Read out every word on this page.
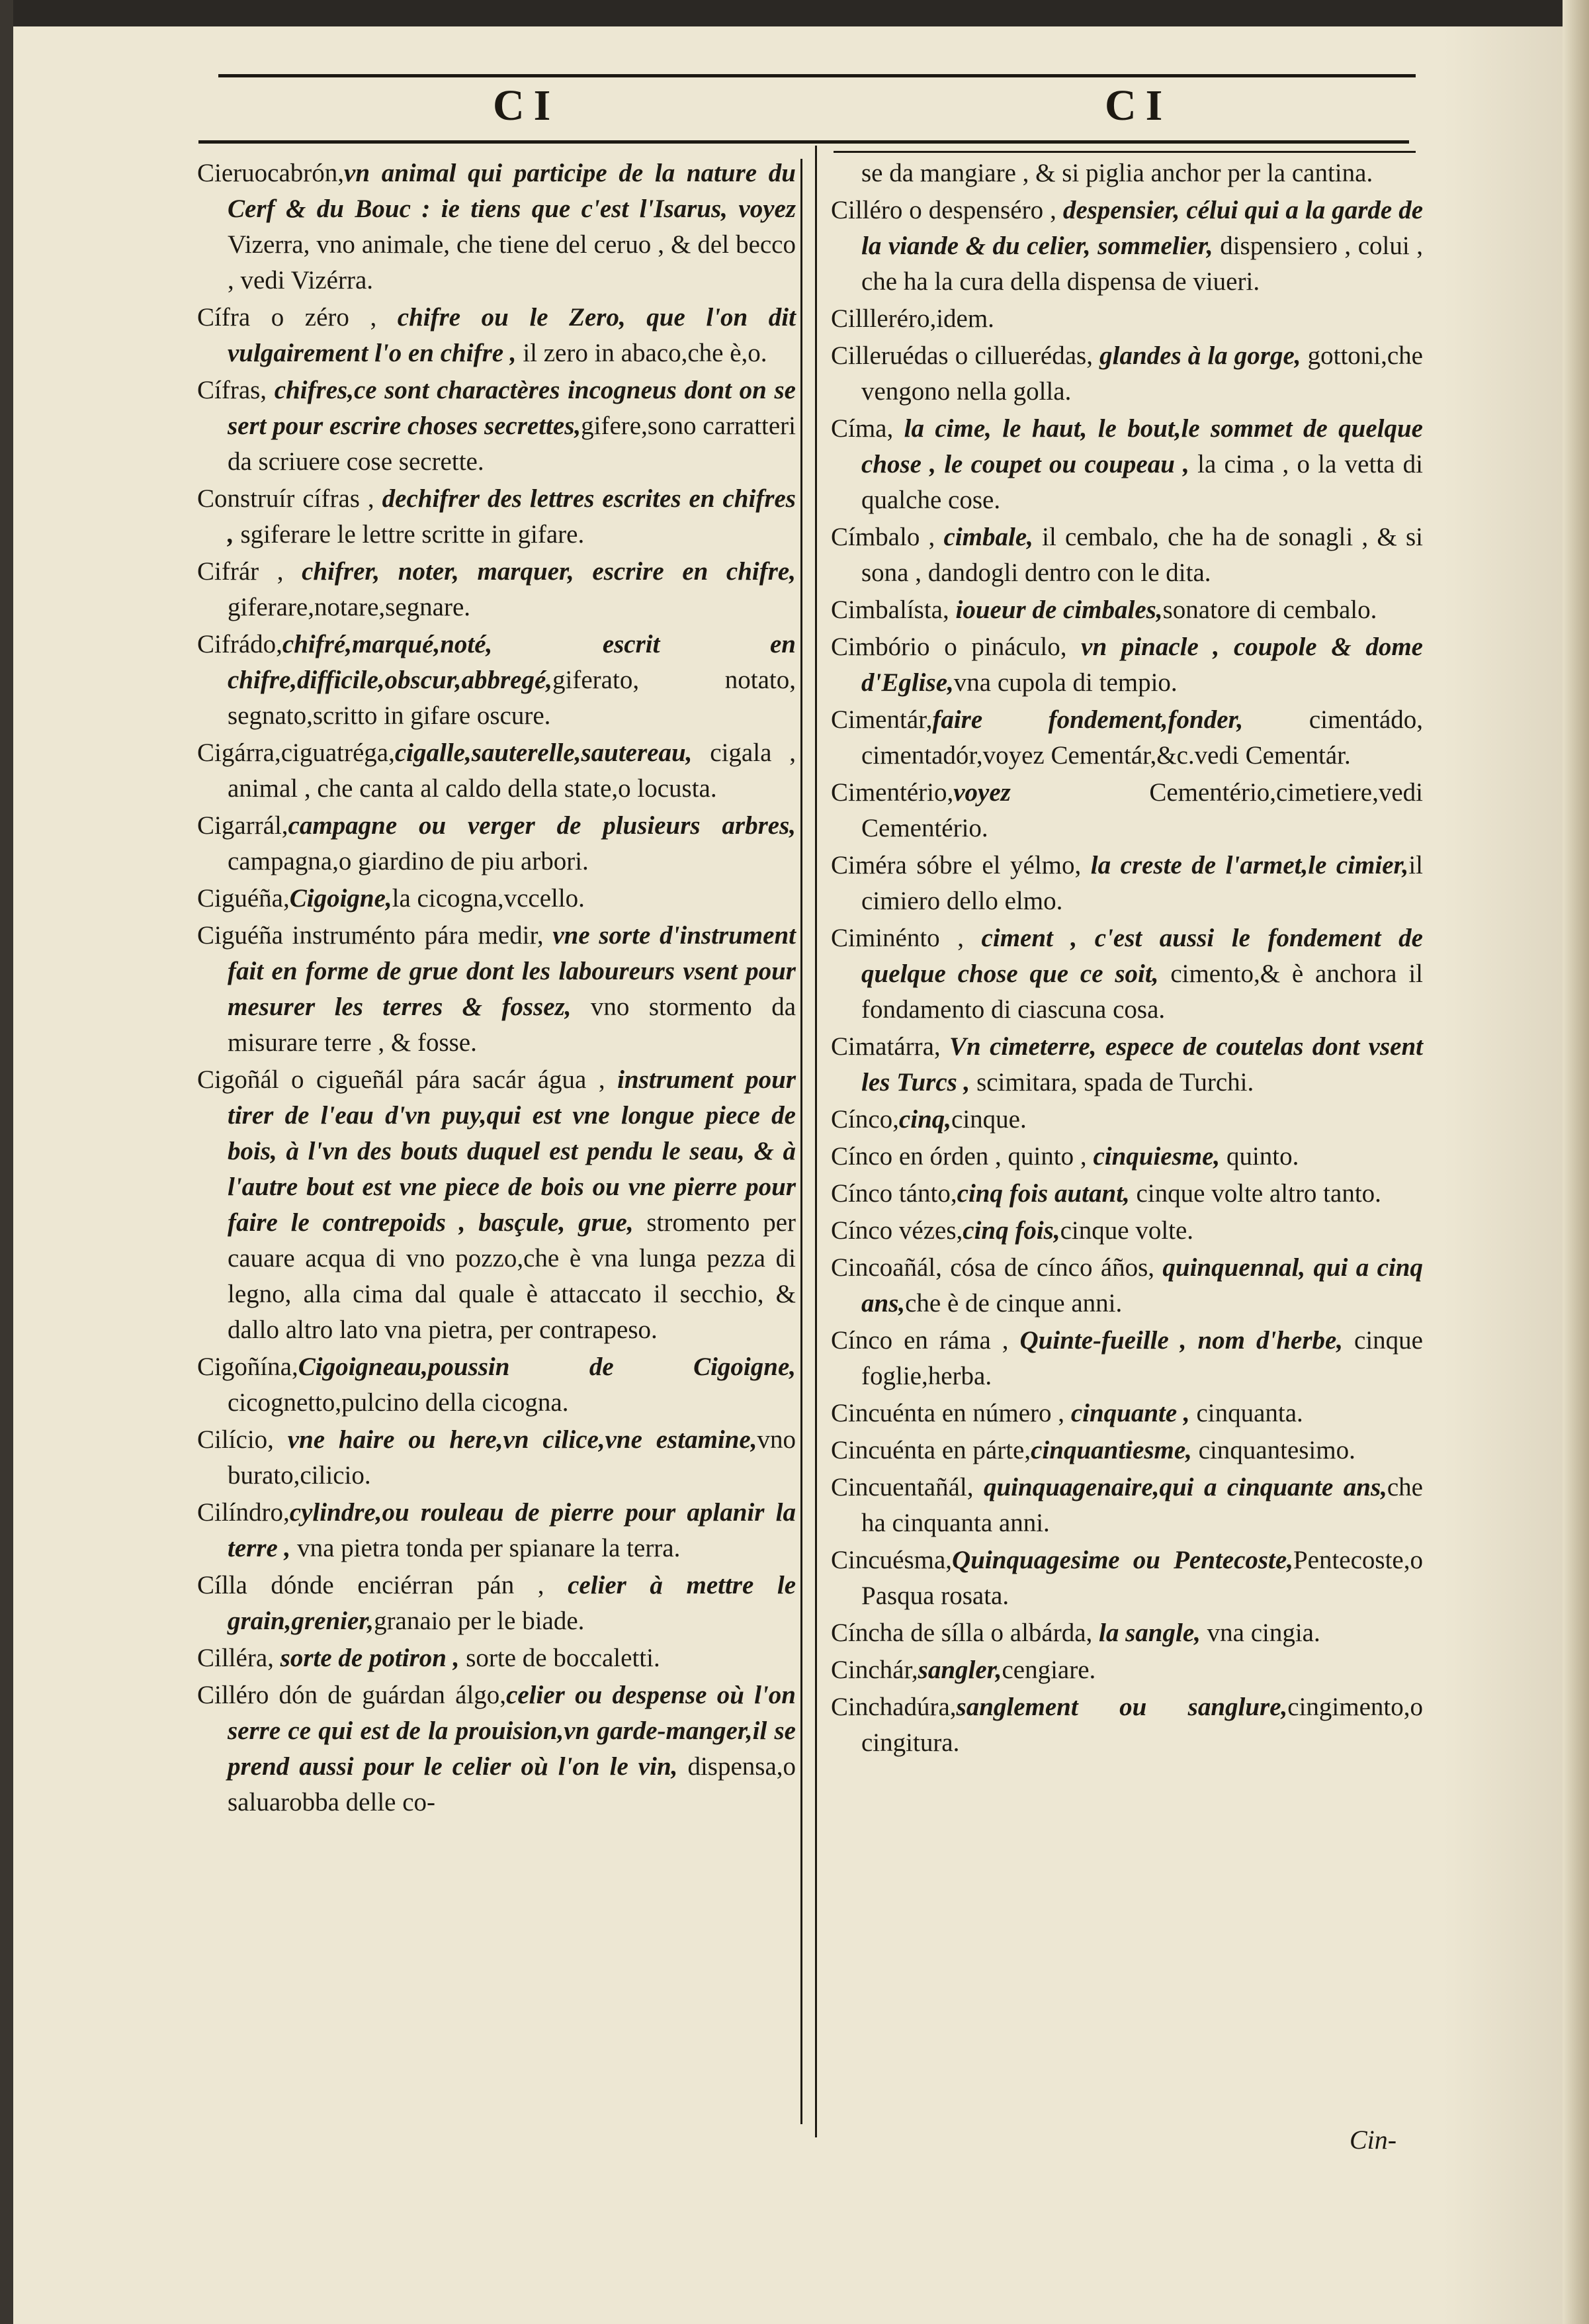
CI	CI
Cieruocabrón,vn animal qui participe de la nature du Cerf & du Bouc : ie tiens que c'est l'Isarus, voyez Vizerra, vno animale, che tiene del ceruo , & del becco , vedi Vizérra.
Cífra o zéro , chifre ou le Zero, que l'on dit vulgairement l'o en chifre , il zero in abaco,che è,o.
Cífras, chifres,ce sont charactères incogneus dont on se sert pour escrire choses secrettes,gifere,sono carratteri da scriuere cose secrette.
Construír cífras , dechifrer des lettres escrites en chifres , sgiferare le lettre scritte in gifare.
Cifrár , chifrer, noter, marquer, escrire en chifre, giferare,notare,segnare.
Cifrádo,chifré,marqué,noté, escrit en chifre,difficile,obscur,abbregé,giferato, notato, segnato,scritto in gifare oscure.
Cigárra,ciguatréga,cigalle,sauterelle,sautereau, cigala , animal , che canta al caldo della state,o locusta.
Cigarrál,campagne ou verger de plusieurs arbres, campagna,o giardino de piu arbori.
Ciguéña,Cigoigne,la cicogna,vccello.
Ciguéña instruménto pára medir, vne sorte d'instrument fait en forme de grue dont les laboureurs vsent pour mesurer les terres & fossez, vno stormento da misurare terre , & fosse.
Cigoñál o cigueñál pára sacár água , instrument pour tirer de l'eau d'vn puy,qui est vne longue piece de bois, à l'vn des bouts duquel est pendu le seau, & à l'autre bout est vne piece de bois ou vne pierre pour faire le contrepoids , basçule, grue, stromento per cauare acqua di vno pozzo,che è vna lunga pezza di legno, alla cima dal quale è attaccato il secchio, & dallo altro lato vna pietra, per contrapeso.
Cigoñína,Cigoigneau,poussin de Cigoigne, cicognetto,pulcino della cicogna.
Cilício, vne haire ou here,vn cilice,vne estamine,vno burato,cilicio.
Cilíndro,cylindre,ou rouleau de pierre pour aplanir la terre , vna pietra tonda per spianare la terra.
Cílla dónde enciérran pán , celier à mettre le grain,grenier,granaio per le biade.
Cilléra, sorte de potiron , sorte de boccaletti.
Cilléro dón de guárdan álgo,celier ou despense où l'on serre ce qui est de la prouision,vn garde-manger,il se prend aussi pour le celier où l'on le vin, dispensa,o saluarobba delle co-
se da mangiare , & si piglia anchor per la cantina.
Cilléro o despenséro , despensier, célui qui a la garde de la viande & du celier, sommelier, dispensiero , colui , che ha la cura della dispensa de viueri.
Cillleréro,idem.
Cilleruédas o cilluerédas, glandes à la gorge, gottoni,che vengono nella golla.
Címa, la cime, le haut, le bout,le sommet de quelque chose , le coupet ou coupeau , la cima , o la vetta di qualche cose.
Címbalo , cimbale, il cembalo, che ha de sonagli , & si sona , dandogli dentro con le dita.
Cimbalísta, ioueur de cimbales,sonatore di cembalo.
Cimbório o pináculo, vn pinacle , coupole & dome d'Eglise,vna cupola di tempio.
Cimentár,faire fondement,fonder, cimentádo, cimentadór,voyez Cementár,&c.vedi Cementár.
Cimentério,voyez Cementério,cimetiere,vedi Cementério.
Ciméra sóbre el yélmo, la creste de l'armet,le cimier,il cimiero dello elmo.
Ciminénto , ciment , c'est aussi le fondement de quelque chose que ce soit, cimento,& è anchora il fondamento di ciascuna cosa.
Cimatárra, Vn cimeterre, espece de coutelas dont vsent les Turcs , scimitara, spada de Turchi.
Cínco,cinq,cinque.
Cínco en órden , quinto , cinquiesme, quinto.
Cínco tánto,cinq fois autant, cinque volte altro tanto.
Cínco vézes,cinq fois,cinque volte.
Cincoañál, cósa de cínco áños, quinquennal, qui a cinq ans,che è de cinque anni.
Cínco en ráma , Quinte-fueille , nom d'herbe, cinque foglie,herba.
Cincuénta en número , cinquante , cinquanta.
Cincuénta en párte,cinquantiesme, cinquantesimo.
Cincuentañál, quinquagenaire,qui a cinquante ans,che ha cinquanta anni.
Cincuésma,Quinquagesime ou Pentecoste,Pentecoste,o Pasqua rosata.
Cíncha de sílla o albárda, la sangle, vna cingia.
Cinchár,sangler,cengiare.
Cinchadúra,sanglement ou sanglure,cingimento,o cingitura.
Cin-
